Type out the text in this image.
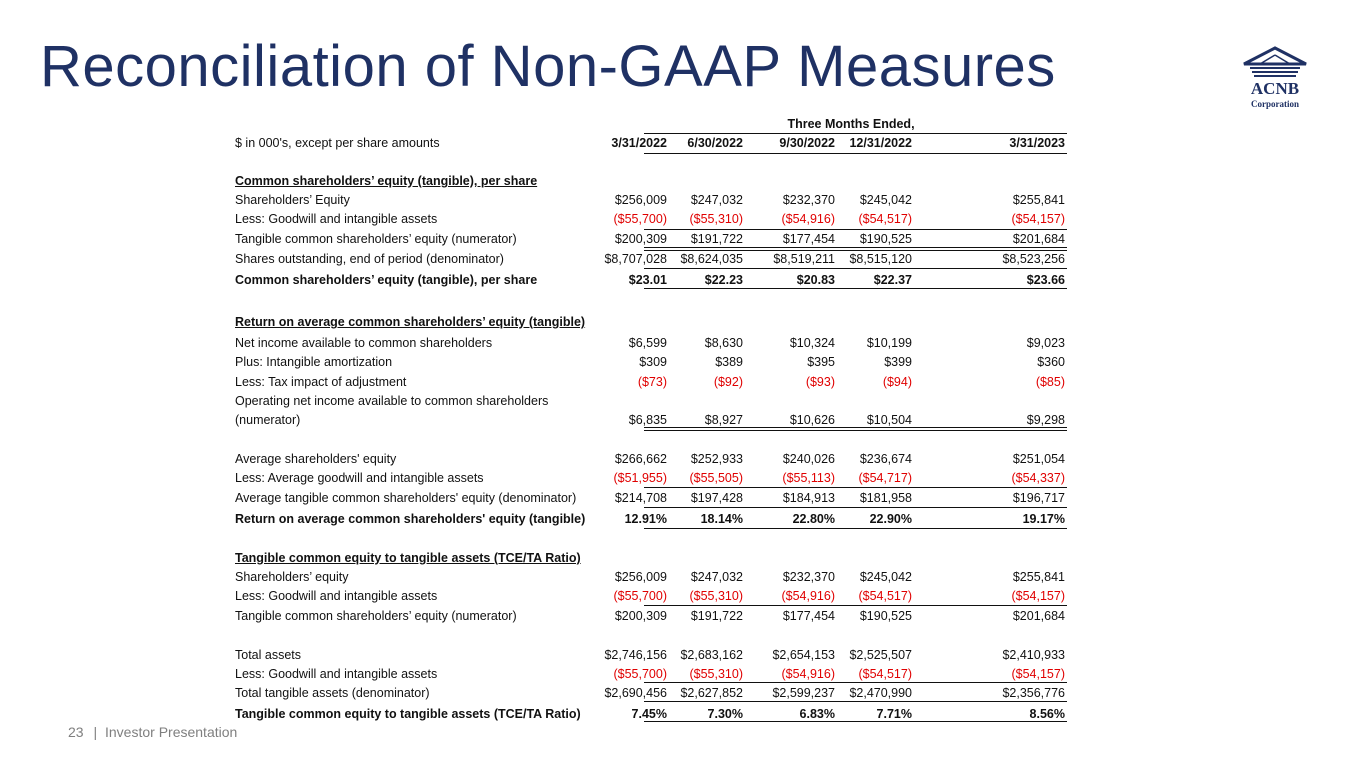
Reconciliation of Non-GAAP Measures	ACNB
Corporation
Three Months Ended,
$ in 000's, except per share amounts	3/31/2022	6/30/2022	9/30/2022	12/31/2022	3/31/2023
Common shareholders’ equity (tangible), per share
Shareholders’ Equity	$256,009	$247,032	$232,370	$245,042	$255,841
Less: Goodwill and intangible assets	($55,700)	($55,310)	($54,916)	($54,517)	($54,157)
Tangible common shareholders’ equity (numerator)	$200,309	$191,722	$177,454	$190,525	$201,684
Shares outstanding, end of period (denominator)	$8,707,028	$8,624,035	$8,519,211	$8,515,120	$8,523,256
Common shareholders’ equity (tangible), per share	$23.01	$22.23	$20.83	$22.37	$23.66
Return on average common shareholders’ equity (tangible)
Net income available to common shareholders	$6,599	$8,630	$10,324	$10,199	$9,023
Plus: Intangible amortization	$309	$389	$395	$399	$360
Less: Tax impact of adjustment	($73)	($92)	($93)	($94)	($85)
Operating net income available to common shareholders
(numerator)	$6,835	$8,927	$10,626	$10,504	$9,298
Average shareholders' equity	$266,662	$252,933	$240,026	$236,674	$251,054
Less: Average goodwill and intangible assets	($51,955)	($55,505)	($55,113)	($54,717)	($54,337)
Average tangible common shareholders' equity (denominator)	$214,708	$197,428	$184,913	$181,958	$196,717
Return on average common shareholders' equity (tangible)	12.91%	18.14%	22.80%	22.90%	19.17%
Tangible common equity to tangible assets (TCE/TA Ratio)
Shareholders’ equity	$256,009	$247,032	$232,370	$245,042	$255,841
Less: Goodwill and intangible assets	($55,700)	($55,310)	($54,916)	($54,517)	($54,157)
Tangible common shareholders’ equity (numerator)	$200,309	$191,722	$177,454	$190,525	$201,684
Total assets	$2,746,156	$2,683,162	$2,654,153	$2,525,507	$2,410,933
Less: Goodwill and intangible assets	($55,700)	($55,310)	($54,916)	($54,517)	($54,157)
Total tangible assets (denominator)	$2,690,456	$2,627,852	$2,599,237	$2,470,990	$2,356,776
Tangible common equity to tangible assets (TCE/TA Ratio)	7.45%	7.30%	6.83%	7.71%	8.56%
23 | Investor Presentation
